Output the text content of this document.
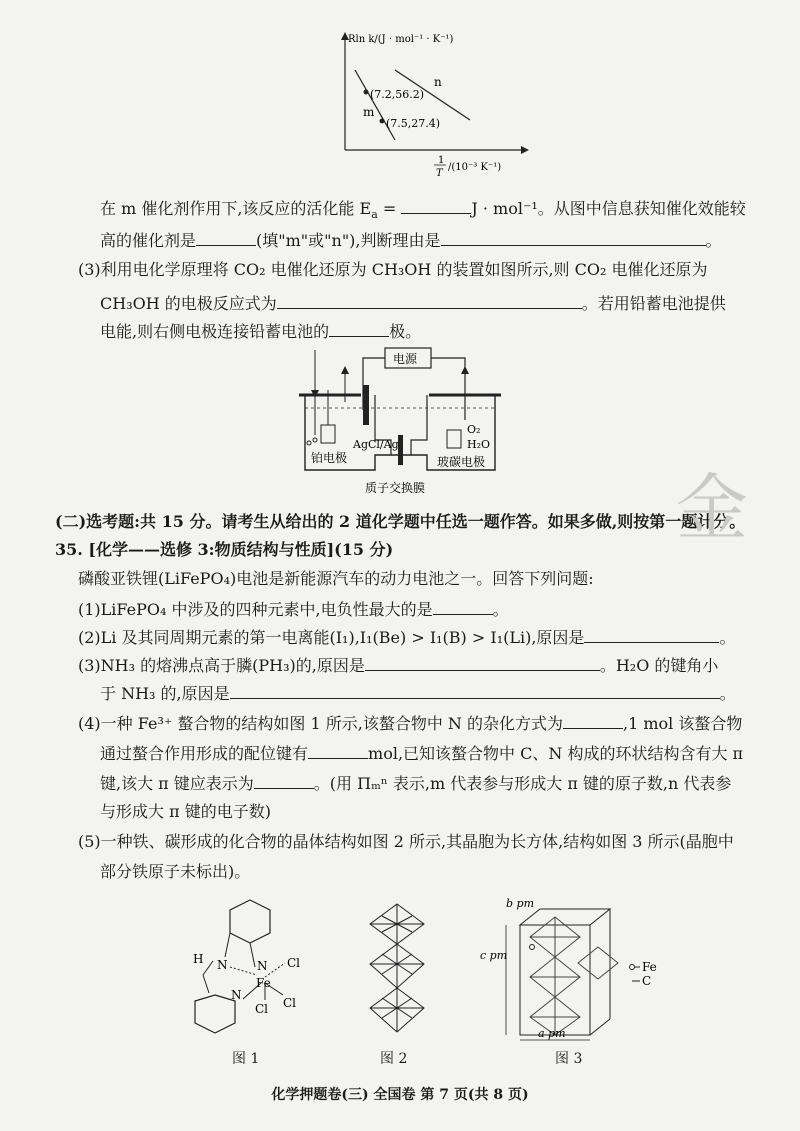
Rln k/(J · mol⁻¹ · K⁻¹)
n
m
(7.2,56.2)
(7.5,27.4)
1
T
/(10⁻³ K⁻¹)
在 m 催化剂作用下,该反应的活化能 $E_a$ =	J · mol⁻¹。从图中信息获知催化效能较
高的催化剂是	(填"m"或"n"),判断理由是	。
(3)利用电化学原理将 CO₂ 电催化还原为 CH₃OH 的装置如图所示,则 CO₂ 电催化还原为
CH₃OH 的电极反应式为	。若用铅蓄电池提供
电能,则右侧电极连接铅蓄电池的	极。
电源
AgCl/Ag
铂电极
O₂
H₂O
玻碳电极
质子交换膜
(二)选考题:共 15 分。请考生从给出的 2 道化学题中任选一题作答。如果多做,则按第一题计分。
35. [化学——选修 3:物质结构与性质](15 分)
磷酸亚铁锂(LiFePO₄)电池是新能源汽车的动力电池之一。回答下列问题:
(1)LiFePO₄ 中涉及的四种元素中,电负性最大的是	。
(2)Li 及其同周期元素的第一电离能(I₁),I₁(Be) > I₁(B) > I₁(Li),原因是	。
(3)NH₃ 的熔沸点高于膦(PH₃)的,原因是	。H₂O 的键角小
于 NH₃ 的,原因是	。
(4)一种 Fe³⁺ 螯合物的结构如图 1 所示,该螯合物中 N 的杂化方式为	,1 mol 该螯合物
通过螯合作用形成的配位键有	mol,已知该螯合物中 C、N 构成的环状结构含有大 π
键,该大 π 键应表示为	。(用 Πₘⁿ 表示,m 代表参与形成大 π 键的原子数,n 代表参
与形成大 π 键的电子数)
(5)一种铁、碳形成的化合物的晶体结构如图 2 所示,其晶胞为长方体,结构如图 3 所示(晶胞中
部分铁原子未标出)。
N
N
H
Fe
Cl
Cl Cl
N
图 1	图 2
b pm
c pm
a pm
Fe
C
图 3
金
化学押题卷(三) 全国卷 第 7 页(共 8 页)
